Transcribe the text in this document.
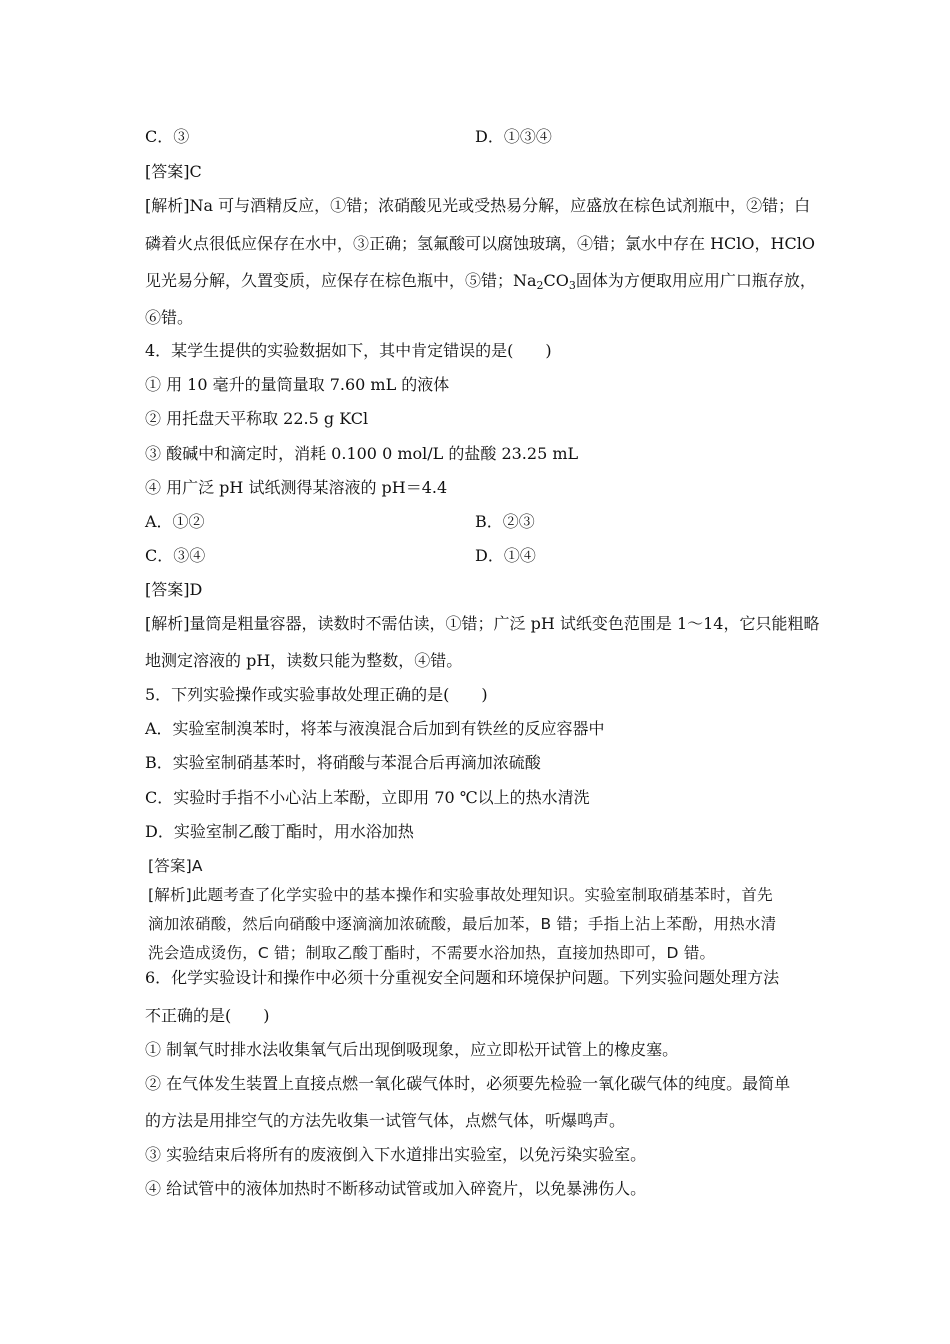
C．③	D．①③④
[答案]C
[解析]Na 可与酒精反应，①错；浓硝酸见光或受热易分解，应盛放在棕色试剂瓶中，②错；白
磷着火点很低应保存在水中，③正确；氢氟酸可以腐蚀玻璃，④错；氯水中存在 HClO，HClO
见光易分解，久置变质，应保存在棕色瓶中，⑤错；$Na_2CO_3$固体为方便取用应用广口瓶存放，
⑥错。
4．某学生提供的实验数据如下，其中肯定错误的是(　　)
① 用 10 毫升的量筒量取 7.60 mL 的液体
② 用托盘天平称取 22.5 g KCl
③ 酸碱中和滴定时，消耗 0.100 0 mol/L 的盐酸 23.25 mL
④ 用广泛 pH 试纸测得某溶液的 pH＝4.4
A．①②	B．②③
C．③④	D．①④
[答案]D
[解析]量筒是粗量容器，读数时不需估读，①错；广泛 pH 试纸变色范围是 1～14，它只能粗略
地测定溶液的 pH，读数只能为整数，④错。
5．下列实验操作或实验事故处理正确的是(　　)
A．实验室制溴苯时，将苯与液溴混合后加到有铁丝的反应容器中
B．实验室制硝基苯时，将硝酸与苯混合后再滴加浓硫酸
C．实验时手指不小心沾上苯酚，立即用 70 ℃以上的热水清洗
D．实验室制乙酸丁酯时，用水浴加热
[答案]A
[解析]此题考查了化学实验中的基本操作和实验事故处理知识。实验室制取硝基苯时，首先
滴加浓硝酸，然后向硝酸中逐滴滴加浓硫酸，最后加苯，B 错；手指上沾上苯酚，用热水清
洗会造成烫伤，C 错；制取乙酸丁酯时，不需要水浴加热，直接加热即可，D 错。
6．化学实验设计和操作中必须十分重视安全问题和环境保护问题。下列实验问题处理方法
不正确的是(　　)
① 制氧气时排水法收集氧气后出现倒吸现象，应立即松开试管上的橡皮塞。
② 在气体发生装置上直接点燃一氧化碳气体时，必须要先检验一氧化碳气体的纯度。最简单
的方法是用排空气的方法先收集一试管气体，点燃气体，听爆鸣声。
③ 实验结束后将所有的废液倒入下水道排出实验室，以免污染实验室。
④ 给试管中的液体加热时不断移动试管或加入碎瓷片，以免暴沸伤人。
